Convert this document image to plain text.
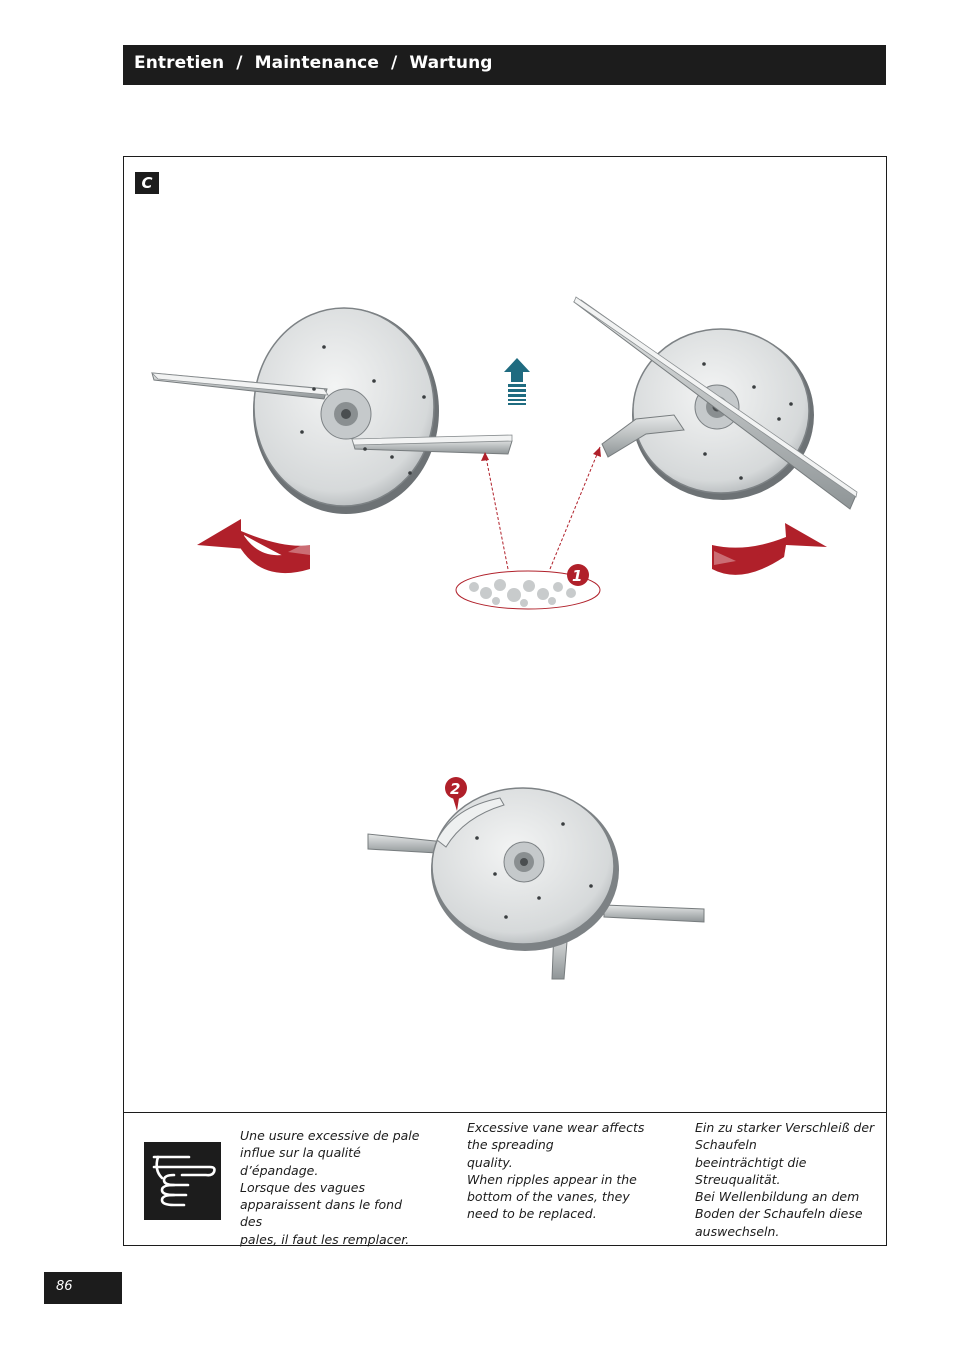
Entretien  /  Maintenance  /  Wartung
C
1
2

Une usure excessive de pale

influe sur la qualité

d’épandage.

Lorsque des vagues

apparaissent dans le fond des

pales, il faut les remplacer.

Excessive vane wear affects

the spreading

quality.

When ripples appear in the

bottom of the vanes, they

need to be replaced.

Ein zu starker Verschleiß der

Schaufeln

beeinträchtigt die

Streuqualität.

Bei Wellenbildung an dem

Boden der Schaufeln diese

auswechseln.

86
